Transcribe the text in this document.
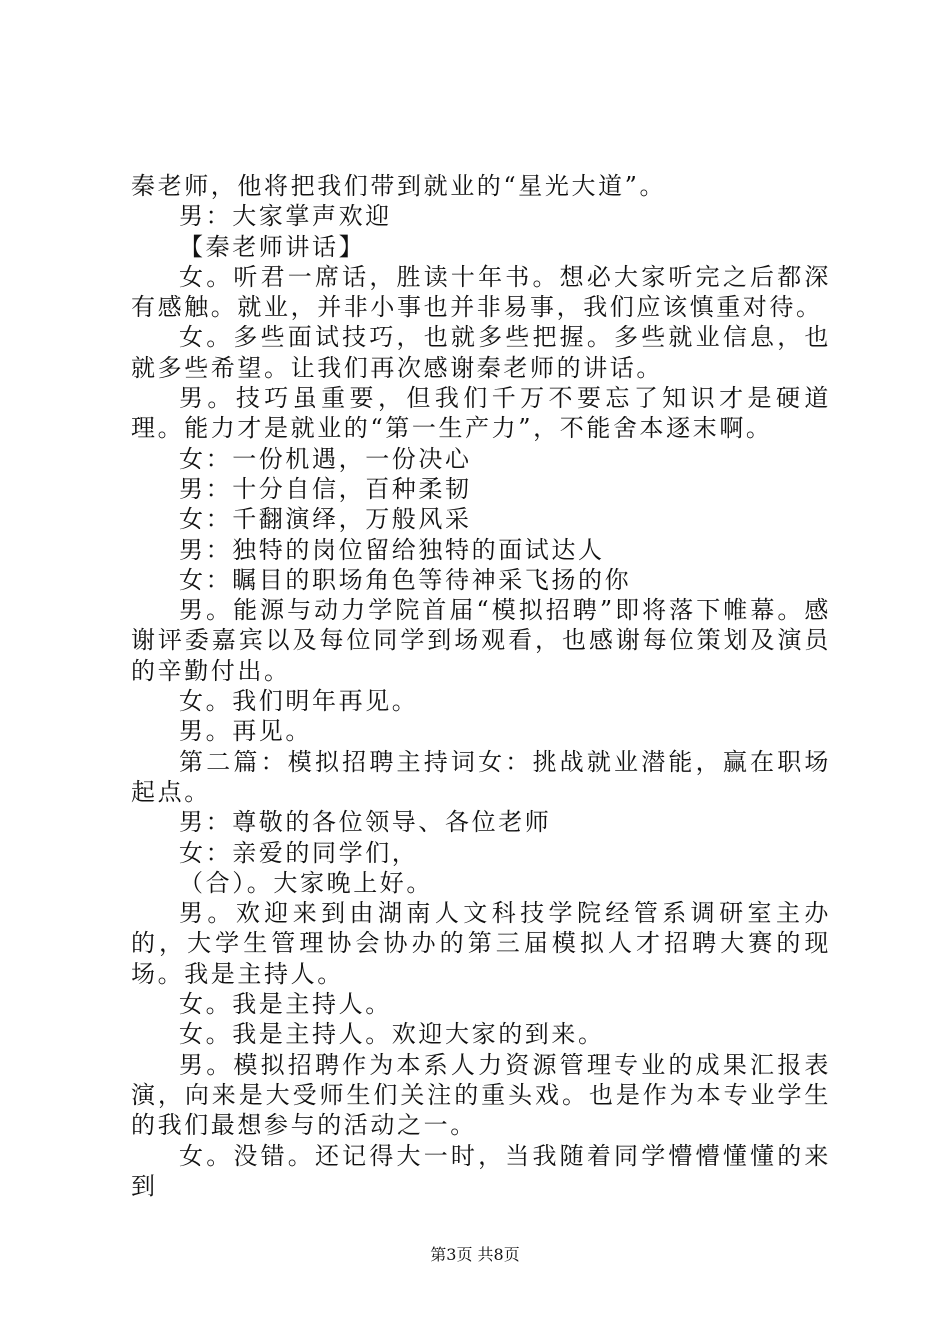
秦老师，他将把我们带到就业的“星光大道”。

男：大家掌声欢迎

【秦老师讲话】

女。听君一席话，胜读十年书。想必大家听完之后都深有感触。就业，并非小事也并非易事，我们应该慎重对待。

女。多些面试技巧，也就多些把握。多些就业信息，也就多些希望。让我们再次感谢秦老师的讲话。

男。技巧虽重要，但我们千万不要忘了知识才是硬道理。能力才是就业的“第一生产力”，不能舍本逐末啊。

女：一份机遇，一份决心

男：十分自信，百种柔韧

女：千翻演绎，万般风采

男：独特的岗位留给独特的面试达人

女：瞩目的职场角色等待神采飞扬的你

男。能源与动力学院首届“模拟招聘”即将落下帷幕。感谢评委嘉宾以及每位同学到场观看，也感谢每位策划及演员的辛勤付出。

女。我们明年再见。

男。再见。

第二篇：模拟招聘主持词女：挑战就业潜能，赢在职场起点。

男：尊敬的各位领导、各位老师

女：亲爱的同学们，

（合）。大家晚上好。

男。欢迎来到由湖南人文科技学院经管系调研室主办的，大学生管理协会协办的第三届模拟人才招聘大赛的现场。我是主持人。

女。我是主持人。

女。我是主持人。欢迎大家的到来。

男。模拟招聘作为本系人力资源管理专业的成果汇报表演，向来是大受师生们关注的重头戏。也是作为本专业学生的我们最想参与的活动之一。

女。没错。还记得大一时，当我随着同学懵懵懂懂的来到

第3页 共8页
